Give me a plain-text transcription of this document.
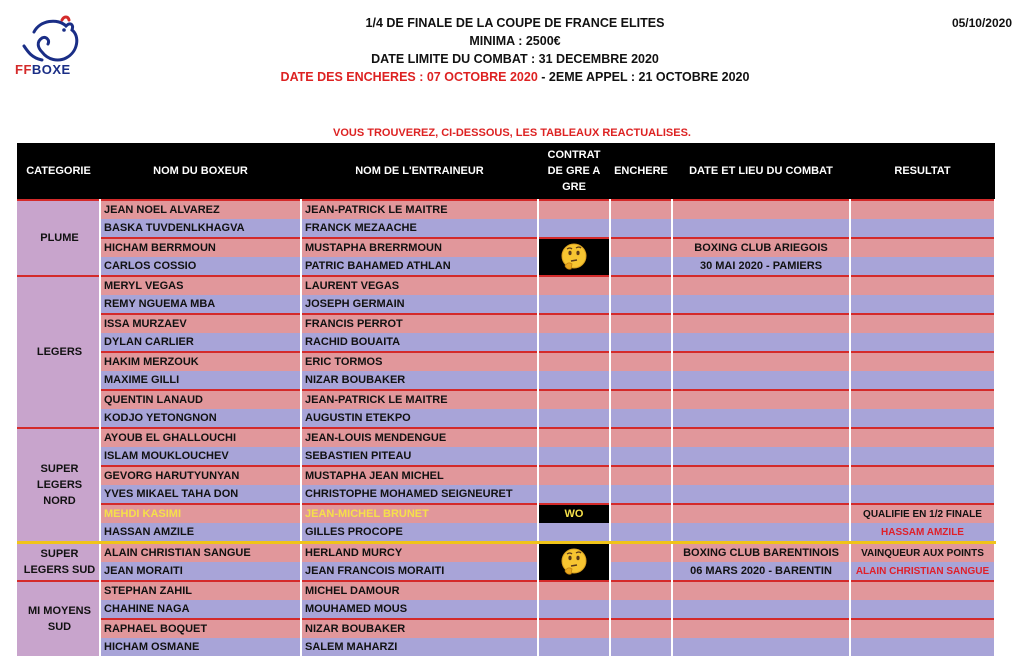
FFBOXE
05/10/2020
1/4 DE FINALE DE LA COUPE DE FRANCE ELITES
MINIMA : 2500€
DATE LIMITE DU COMBAT : 31 DECEMBRE 2020
DATE DES ENCHERES : 07 OCTOBRE 2020 - 2EME APPEL : 21 OCTOBRE 2020
VOUS TROUVEREZ, CI-DESSOUS, LES TABLEAUX REACTUALISES.
CATEGORIE	NOM DU BOXEUR	NOM DE L'ENTRAINEUR	CONTRAT
DE GRE A
GRE	ENCHERE	DATE ET LIEU DU COMBAT	RESULTAT
PLUME	JEAN NOEL ALVAREZ	JEAN-PATRICK LE MAITRE				
	BASKA TUVDENLKHAGVA	FRANCK MEZAACHE				
	HICHAM BERRMOUN	MUSTAPHA BRERRMOUN			BOXING CLUB ARIEGOIS	
	CARLOS COSSIO	PATRIC BAHAMED ATHLAN			30 MAI 2020 - PAMIERS	
LEGERS	MERYL VEGAS	LAURENT VEGAS				
	REMY NGUEMA MBA	JOSEPH GERMAIN				
	ISSA MURZAEV	FRANCIS PERROT				
	DYLAN CARLIER	RACHID BOUAITA				
	HAKIM MERZOUK	ERIC TORMOS				
	MAXIME GILLI	NIZAR BOUBAKER				
	QUENTIN LANAUD	JEAN-PATRICK LE MAITRE				
	KODJO YETONGNON	AUGUSTIN ETEKPO				
SUPER
LEGERS
NORD	AYOUB EL GHALLOUCHI	JEAN-LOUIS MENDENGUE				
	ISLAM MOUKLOUCHEV	SEBASTIEN PITEAU				
	GEVORG HARUTYUNYAN	MUSTAPHA JEAN MICHEL				
	YVES MIKAEL TAHA DON	CHRISTOPHE MOHAMED SEIGNEURET				
	MEHDI KASIMI	JEAN-MICHEL BRUNET	WO			QUALIFIE EN 1/2 FINALE
	HASSAN AMZILE	GILLES PROCOPE				HASSAM AMZILE
SUPER
LEGERS SUD	ALAIN CHRISTIAN SANGUE	HERLAND MURCY			BOXING CLUB BARENTINOIS	VAINQUEUR AUX POINTS
	JEAN MORAITI	JEAN FRANCOIS MORAITI			06 MARS 2020 - BARENTIN	ALAIN CHRISTIAN SANGUE
MI MOYENS
SUD	STEPHAN ZAHIL	MICHEL DAMOUR				
	CHAHINE NAGA	MOUHAMED MOUS				
	RAPHAEL BOQUET	NIZAR BOUBAKER				
	HICHAM OSMANE	SALEM MAHARZI				
